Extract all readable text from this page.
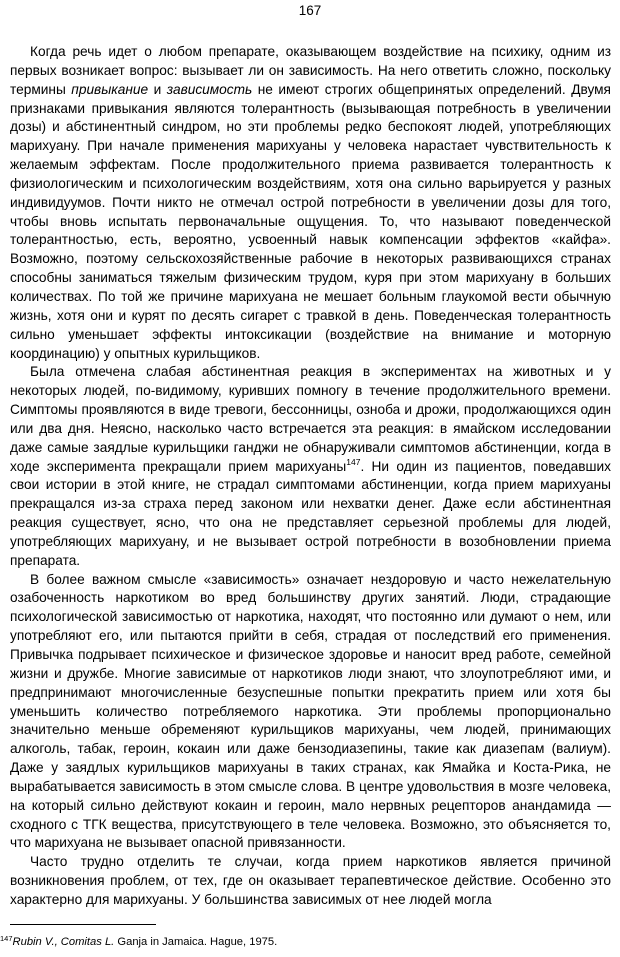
167

Когда речь идет о любом препарате, оказывающем воздействие на психику, одним из первых возникает вопрос: вызывает ли он зависимость. На него ответить сложно, поскольку термины привыкание и зависимость не имеют строгих общепринятых определений. Двумя признаками привыкания являются толерантность (вызывающая потребность в увеличении дозы) и абстинентный синдром, но эти проблемы редко беспокоят людей, употребляющих марихуану. При начале применения марихуаны у человека нарастает чувствительность к желаемым эффектам. После продолжительного приема развивается толерантность к физиологическим и психологическим воздействиям, хотя она сильно варьируется у разных индивидуумов. Почти никто не отмечал острой потребности в увеличении дозы для того, чтобы вновь испытать первоначальные ощущения. То, что называют поведенческой толерантностью, есть, вероятно, усвоенный навык компенсации эффектов «кайфа». Возможно, поэтому сельскохозяйственные рабочие в некоторых развивающихся странах способны заниматься тяжелым физическим трудом, куря при этом марихуану в больших количествах. По той же причине марихуана не мешает больным глаукомой вести обычную жизнь, хотя они и курят по десять сигарет с травкой в день. Поведенческая толерантность сильно уменьшает эффекты интоксикации (воздействие на внимание и моторную координацию) у опытных курильщиков.

Была отмечена слабая абстинентная реакция в экспериментах на животных и у некоторых людей, по-видимому, куривших помногу в течение продолжительного времени. Симптомы проявляются в виде тревоги, бессонницы, озноба и дрожи, продолжающихся один или два дня. Неясно, насколько часто встречается эта реакция: в ямайском исследовании даже самые заядлые курильщики ганджи не обнаруживали симптомов абстиненции, когда в ходе эксперимента прекращали прием марихуаны$^{147}$. Ни один из пациентов, поведавших свои истории в этой книге, не страдал симптомами абстиненции, когда прием марихуаны прекращался из-за страха перед законом или нехватки денег. Даже если абстинентная реакция существует, ясно, что она не представляет серьезной проблемы для людей, употребляющих марихуану, и не вызывает острой потребности в возобновлении приема препарата.

В более важном смысле «зависимость» означает нездоровую и часто нежелательную озабоченность наркотиком во вред большинству других занятий. Люди, страдающие психологической зависимостью от наркотика, находят, что постоянно или думают о нем, или употребляют его, или пытаются прийти в себя, страдая от последствий его применения. Привычка подрывает психическое и физическое здоровье и наносит вред работе, семейной жизни и дружбе. Многие зависимые от наркотиков люди знают, что злоупотребляют ими, и предпринимают многочисленные безуспешные попытки прекратить прием или хотя бы уменьшить количество потребляемого наркотика. Эти проблемы пропорционально значительно меньше обременяют курильщиков марихуаны, чем людей, принимающих алкоголь, табак, героин, кокаин или даже бензодиазепины, такие как диазепам (валиум). Даже у заядлых курильщиков марихуаны в таких странах, как Ямайка и Коста-Рика, не вырабатывается зависимость в этом смысле слова. В центре удовольствия в мозге человека, на который сильно действуют кокаин и героин, мало нервных рецепторов анандамида — сходного с ТГК вещества, присутствующего в теле человека. Возможно, это объясняется то, что марихуана не вызывает опасной привязанности.

Часто трудно отделить те случаи, когда прием наркотиков является причиной возникновения проблем, от тех, где он оказывает терапевтическое действие. Особенно это характерно для марихуаны. У большинства зависимых от нее людей могла

$^{147}$Rubin V., Comitas L. Ganja in Jamaica. Hague, 1975.
